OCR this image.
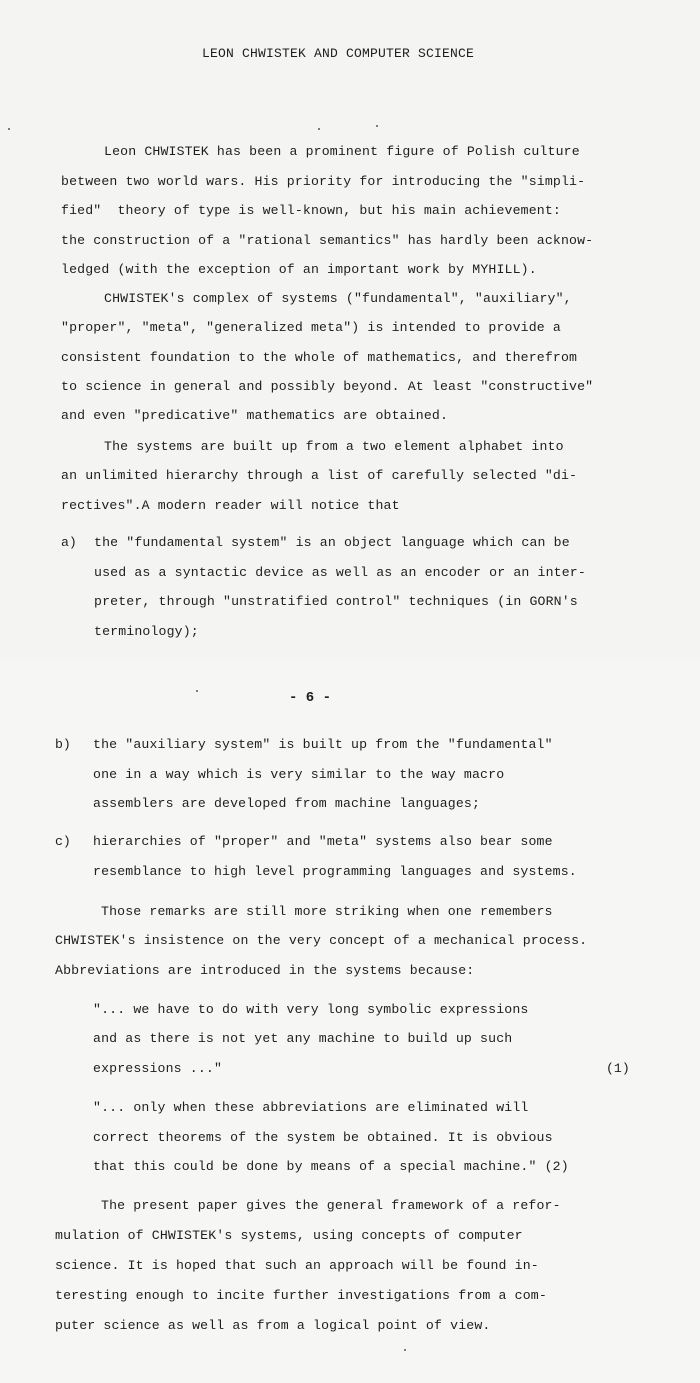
LEON CHWISTEK AND COMPUTER SCIENCE
Leon CHWISTEK has been a prominent figure of Polish culture
between two world wars. His priority for introducing the "simpli-
fied"  theory of type is well-known, but his main achievement:
the construction of a "rational semantics" has hardly been acknow-
ledged (with the exception of an important work by MYHILL).
CHWISTEK's complex of systems ("fundamental", "auxiliary",
"proper", "meta", "generalized meta") is intended to provide a
consistent foundation to the whole of mathematics, and therefrom
to science in general and possibly beyond. At least "constructive"
and even "predicative" mathematics are obtained.
The systems are built up from a two element alphabet into
an unlimited hierarchy through a list of carefully selected "di-
rectives".A modern reader will notice that
a) the "fundamental system" is an object language which can be
used as a syntactic device as well as an encoder or an inter-
preter, through "unstratified control" techniques (in GORN's
terminology);
- 6 -
b) the "auxiliary system" is built up from the "fundamental"
one in a way which is very similar to the way macro
assemblers are developed from machine languages;
c) hierarchies of "proper" and "meta" systems also bear some
resemblance to high level programming languages and systems.
Those remarks are still more striking when one remembers
CHWISTEK's insistence on the very concept of a mechanical process.
Abbreviations are introduced in the systems because:
"... we have to do with very long symbolic expressions
and as there is not yet any machine to build up such
expressions ..."	(1)
"... only when these abbreviations are eliminated will
correct theorems of the system be obtained. It is obvious
that this could be done by means of a special machine." (2)
The present paper gives the general framework of a refor-
mulation of CHWISTEK's systems, using concepts of computer
science. It is hoped that such an approach will be found in-
teresting enough to incite further investigations from a com-
puter science as well as from a logical point of view.
